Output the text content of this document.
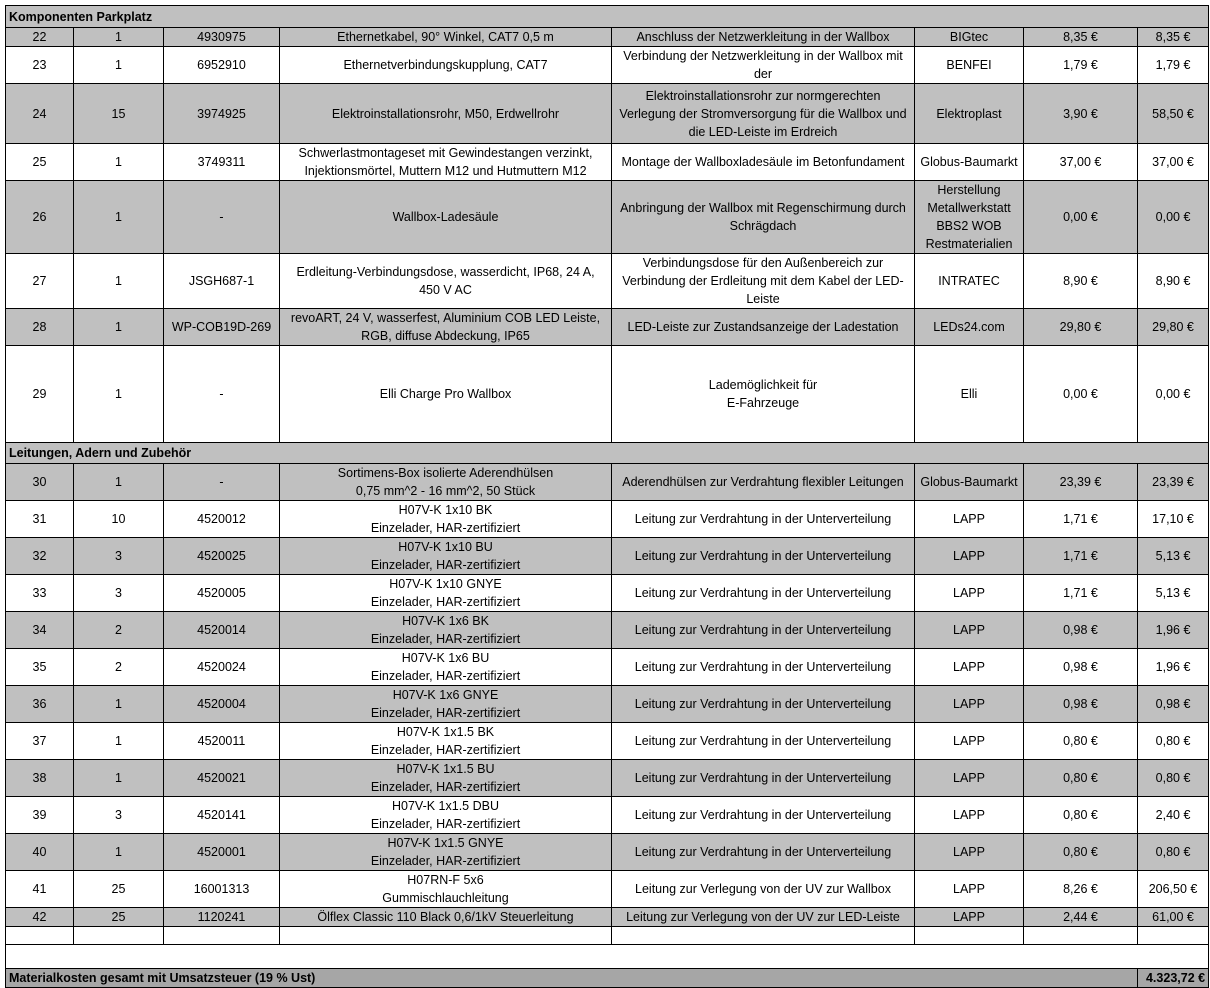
Komponenten Parkplatz							
22	1	4930975	Ethernetkabel, 90° Winkel, CAT7 0,5 m	Anschluss der Netzwerkleitung in der Wallbox	BIGtec	8,35 €	8,35 €
23	1	6952910	Ethernetverbindungskupplung, CAT7	Verbindung der Netzwerkleitung in der Wallbox mit
der	BENFEI	1,79 €	1,79 €
24	15	3974925	Elektroinstallationsrohr, M50, Erdwellrohr	Elektroinstallationsrohr zur normgerechten
Verlegung der Stromversorgung für die Wallbox und
die LED-Leiste im Erdreich	Elektroplast	3,90 €	58,50 €
25	1	3749311	Schwerlastmontageset mit Gewindestangen verzinkt,
Injektionsmörtel, Muttern M12 und Hutmuttern M12	Montage der Wallboxladesäule im Betonfundament	Globus-Baumarkt	37,00 €	37,00 €
26	1	-	Wallbox-Ladesäule	Anbringung der Wallbox mit Regenschirmung durch
Schrägdach	Herstellung
Metallwerkstatt
BBS2 WOB
Restmaterialien	0,00 €	0,00 €
27	1	JSGH687-1	Erdleitung-Verbindungsdose, wasserdicht, IP68, 24 A,
450 V AC	Verbindungsdose für den Außenbereich zur
Verbindung der Erdleitung mit dem Kabel der LED-
Leiste	INTRATEC	8,90 €	8,90 €
28	1	WP-COB19D-269	revoART, 24 V, wasserfest, Aluminium COB LED Leiste,
RGB, diffuse Abdeckung, IP65	LED-Leiste zur Zustandsanzeige der Ladestation	LEDs24.com	29,80 €	29,80 €
29	1	-	Elli Charge Pro Wallbox	Lademöglichkeit für
E-Fahrzeuge	Elli	0,00 €	0,00 €
Leitungen, Adern und Zubehör							
30	1	-	Sortimens-Box isolierte Aderendhülsen
0,75 mm^2 - 16 mm^2, 50 Stück	Aderendhülsen zur Verdrahtung flexibler Leitungen	Globus-Baumarkt	23,39 €	23,39 €
31	10	4520012	H07V-K 1x10 BK
Einzelader, HAR-zertifiziert	Leitung zur Verdrahtung in der Unterverteilung	LAPP	1,71 €	17,10 €
32	3	4520025	H07V-K 1x10 BU
Einzelader, HAR-zertifiziert	Leitung zur Verdrahtung in der Unterverteilung	LAPP	1,71 €	5,13 €
33	3	4520005	H07V-K 1x10 GNYE
Einzelader, HAR-zertifiziert	Leitung zur Verdrahtung in der Unterverteilung	LAPP	1,71 €	5,13 €
34	2	4520014	H07V-K 1x6 BK
Einzelader, HAR-zertifiziert	Leitung zur Verdrahtung in der Unterverteilung	LAPP	0,98 €	1,96 €
35	2	4520024	H07V-K 1x6 BU
Einzelader, HAR-zertifiziert	Leitung zur Verdrahtung in der Unterverteilung	LAPP	0,98 €	1,96 €
36	1	4520004	H07V-K 1x6 GNYE
Einzelader, HAR-zertifiziert	Leitung zur Verdrahtung in der Unterverteilung	LAPP	0,98 €	0,98 €
37	1	4520011	H07V-K 1x1.5 BK
Einzelader, HAR-zertifiziert	Leitung zur Verdrahtung in der Unterverteilung	LAPP	0,80 €	0,80 €
38	1	4520021	H07V-K 1x1.5 BU
Einzelader, HAR-zertifiziert	Leitung zur Verdrahtung in der Unterverteilung	LAPP	0,80 €	0,80 €
39	3	4520141	H07V-K 1x1.5 DBU
Einzelader, HAR-zertifiziert	Leitung zur Verdrahtung in der Unterverteilung	LAPP	0,80 €	2,40 €
40	1	4520001	H07V-K 1x1.5 GNYE
Einzelader, HAR-zertifiziert	Leitung zur Verdrahtung in der Unterverteilung	LAPP	0,80 €	0,80 €
41	25	16001313	H07RN-F 5x6
Gummischlauchleitung	Leitung zur Verlegung von der UV zur Wallbox	LAPP	8,26 €	206,50 €
42	25	1120241	Ölflex Classic 110 Black 0,6/1kV Steuerleitung	Leitung zur Verlegung von der UV zur LED-Leiste	LAPP	2,44 €	61,00 €

Materialkosten gesamt mit Umsatzsteuer (19 % Ust)							4.323,72 €
